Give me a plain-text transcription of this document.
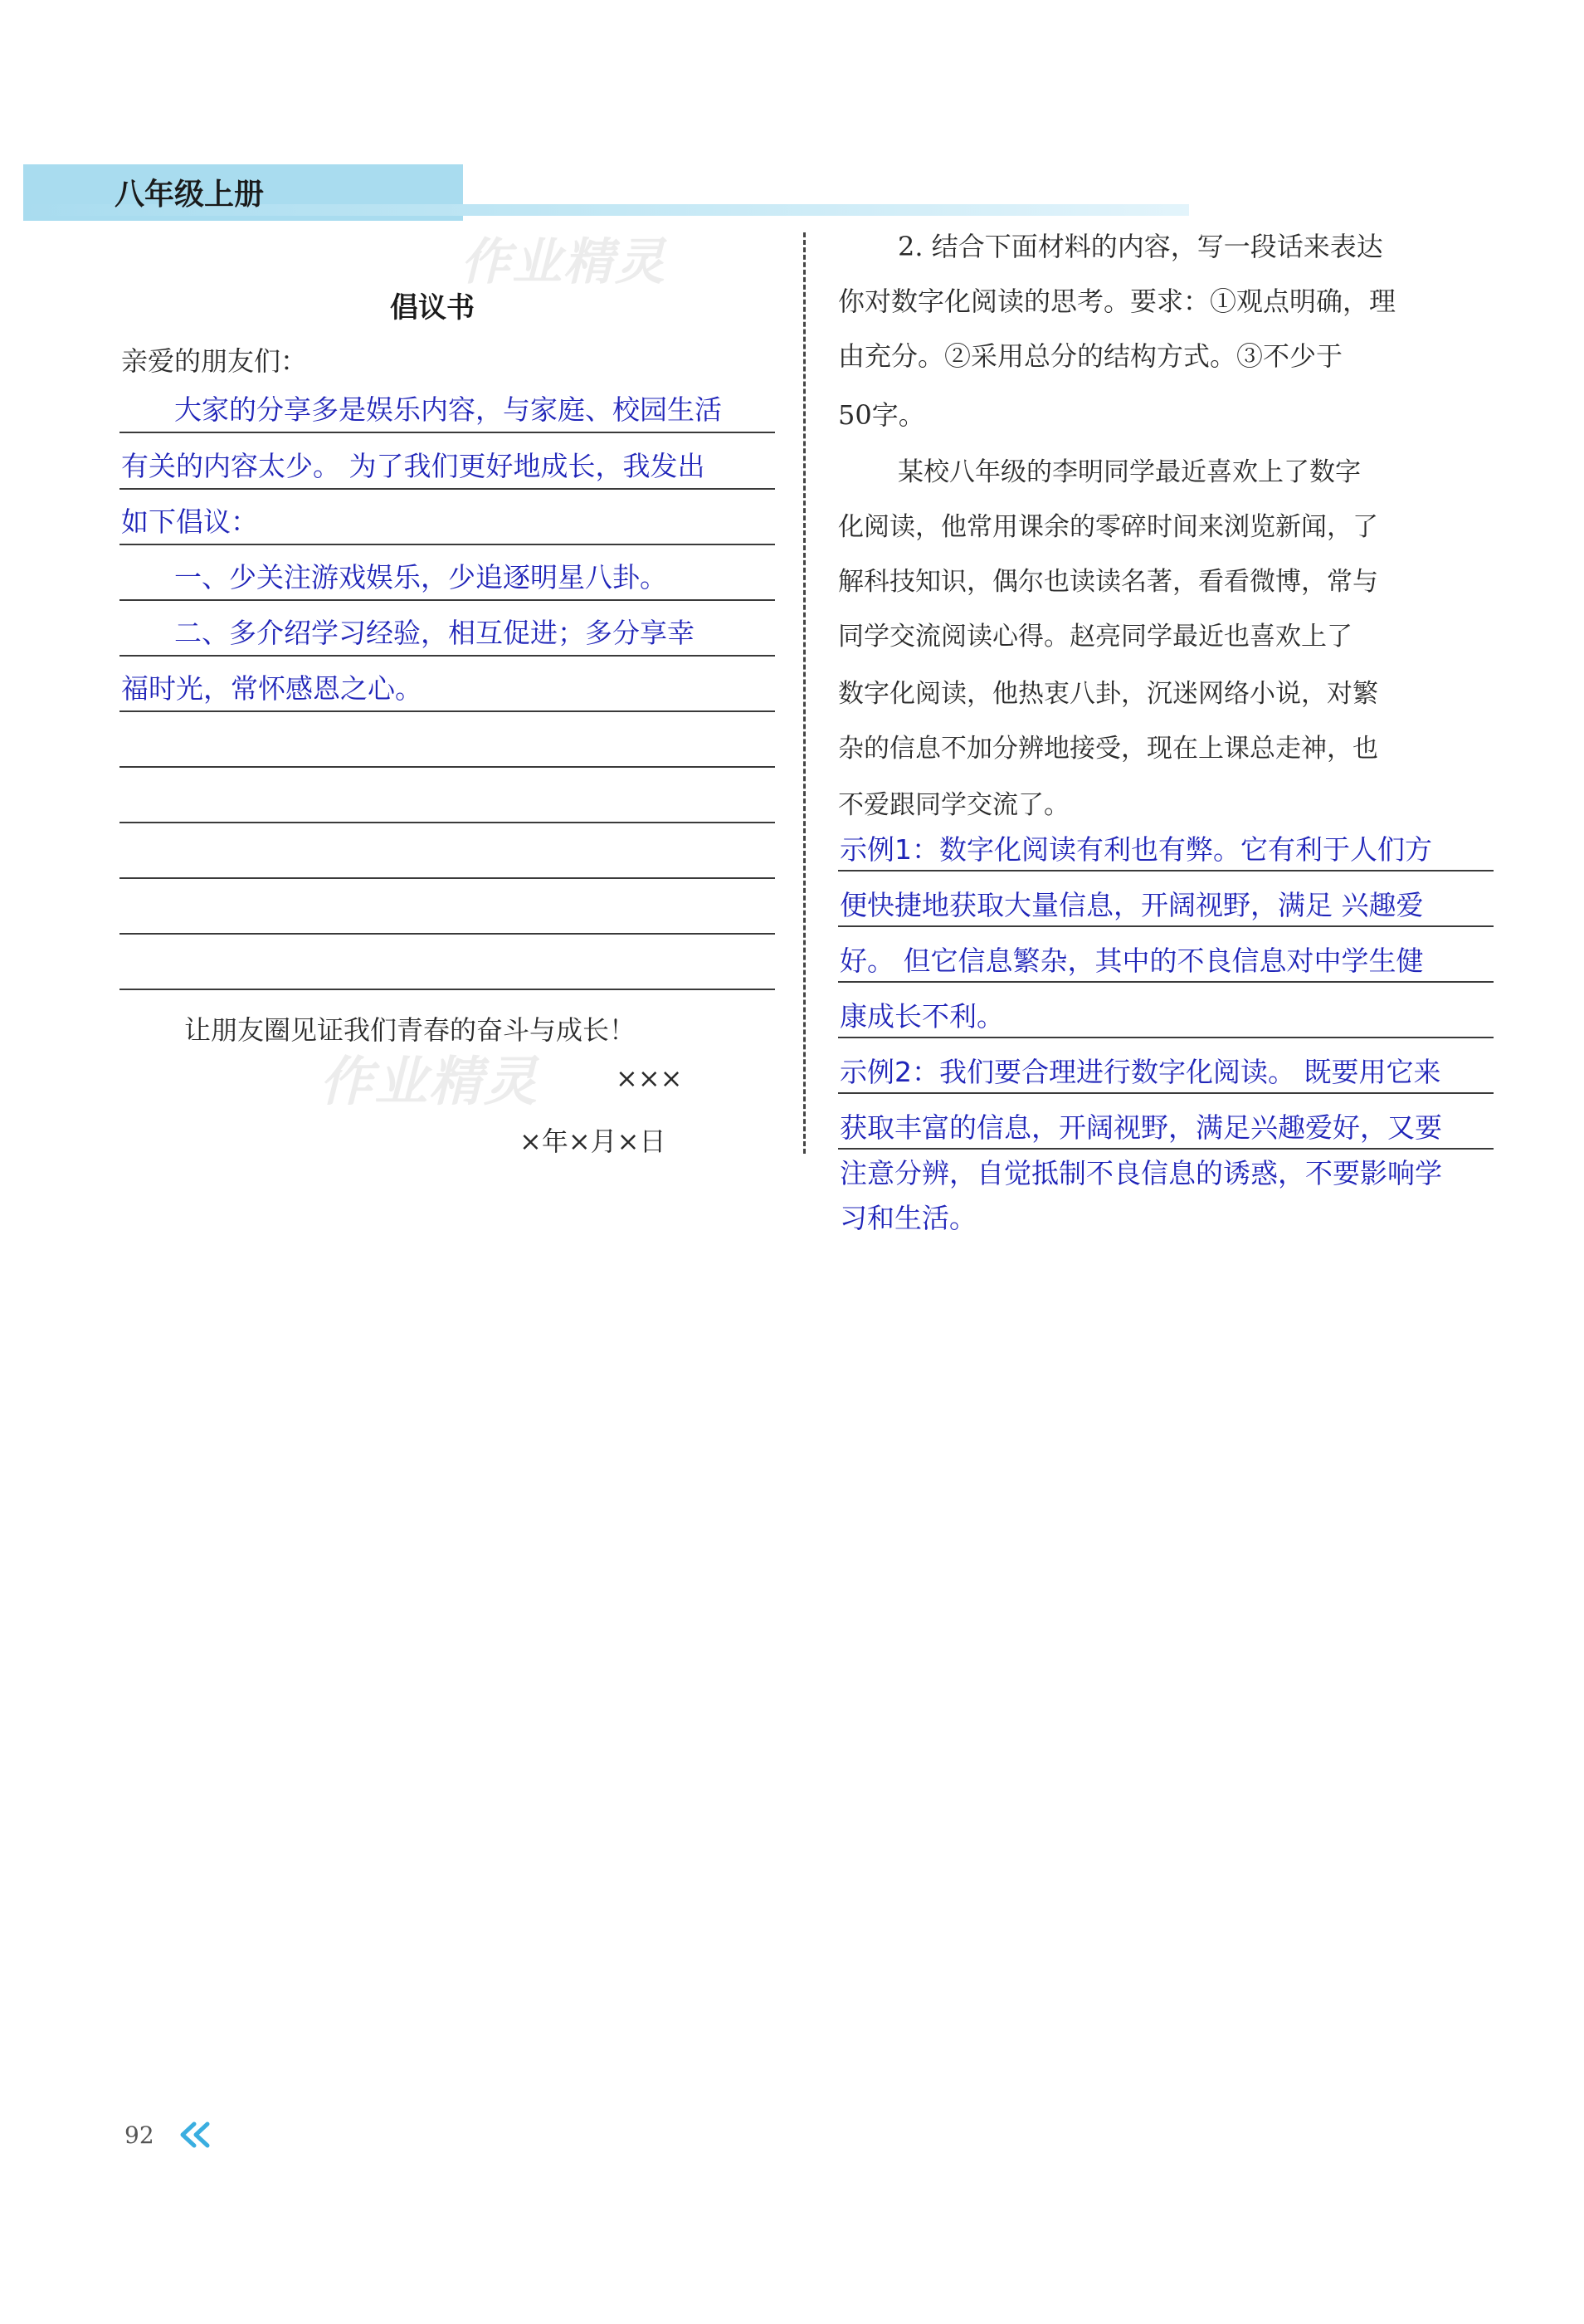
八年级上册
作业精灵
作业精灵
倡议书
亲爱的朋友们：
大家的分享多是娱乐内容，与家庭、校园生活
有关的内容太少。 为了我们更好地成长，我发出
如下倡议：
一、少关注游戏娱乐，少追逐明星八卦。
二、多介绍学习经验，相互促进；多分享幸
福时光，常怀感恩之心。
让朋友圈见证我们青春的奋斗与成长！
×××
×年×月×日
2. 结合下面材料的内容，写一段话来表达
你对数字化阅读的思考。要求：①观点明确，理
由充分。②采用总分的结构方式。③不少于
50字。
某校八年级的李明同学最近喜欢上了数字
化阅读，他常用课余的零碎时间来浏览新闻，了
解科技知识，偶尔也读读名著，看看微博，常与
同学交流阅读心得。赵亮同学最近也喜欢上了
数字化阅读，他热衷八卦，沉迷网络小说，对繁
杂的信息不加分辨地接受，现在上课总走神，也
不爱跟同学交流了。
示例1：数字化阅读有利也有弊。它有利于人们方
便快捷地获取大量信息，开阔视野，满足 兴趣爱
好。 但它信息繁杂，其中的不良信息对中学生健
康成长不利。
示例2：我们要合理进行数字化阅读。 既要用它来
获取丰富的信息，开阔视野，满足兴趣爱好，又要
注意分辨，自觉抵制不良信息的诱惑，不要影响学
习和生活。
92
